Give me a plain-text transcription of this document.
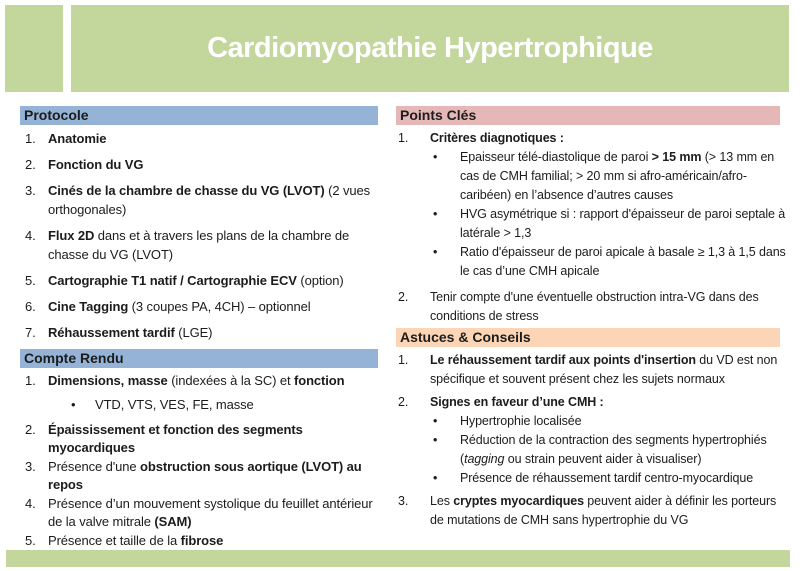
Cardiomyopathie Hypertrophique
Protocole
1. Anatomie
2. Fonction du VG
3. Cinés de la chambre de chasse du VG (LVOT) (2 vues orthogonales)
4. Flux 2D dans et à travers les plans de la chambre de chasse du VG (LVOT)
5. Cartographie T1 natif / Cartographie ECV (option)
6. Cine Tagging (3 coupes PA, 4CH) – optionnel
7. Réhaussement tardif (LGE)
Compte Rendu
1. Dimensions, masse (indexées à la SC) et fonction
•	VTD, VTS, VES, FE, masse
2. Épaississement et fonction des segments myocardiques
3. Présence d'une obstruction sous aortique (LVOT) au repos
4. Présence d’un mouvement systolique du feuillet antérieur de la valve mitrale (SAM)
5. Présence et taille de la fibrose
Points Clés
1.	Critères diagnotiques :
•	Epaisseur télé-diastolique de paroi > 15 mm (> 13 mm en cas de CMH familial; > 20 mm si afro-américain/afro-caribéen) en l’absence d’autres causes
•	HVG asymétrique si : rapport d'épaisseur de paroi septale à latérale > 1,3
•	Ratio d'épaisseur de paroi apicale à basale ≥ 1,3 à 1,5 dans le cas d’une CMH apicale
2.	Tenir compte d'une éventuelle obstruction intra-VG dans des conditions de stress
Astuces & Conseils
1.	Le réhaussement tardif aux points d'insertion du VD est non spécifique et souvent présent chez les sujets normaux
2.	Signes en faveur d’une CMH :
•	Hypertrophie localisée
•	Réduction de la contraction des segments hypertrophiés (tagging ou strain peuvent aider à visualiser)
•	Présence de réhaussement tardif centro-myocardique
3.	Les cryptes myocardiques peuvent aider à définir les porteurs de mutations de CMH sans hypertrophie du VG
